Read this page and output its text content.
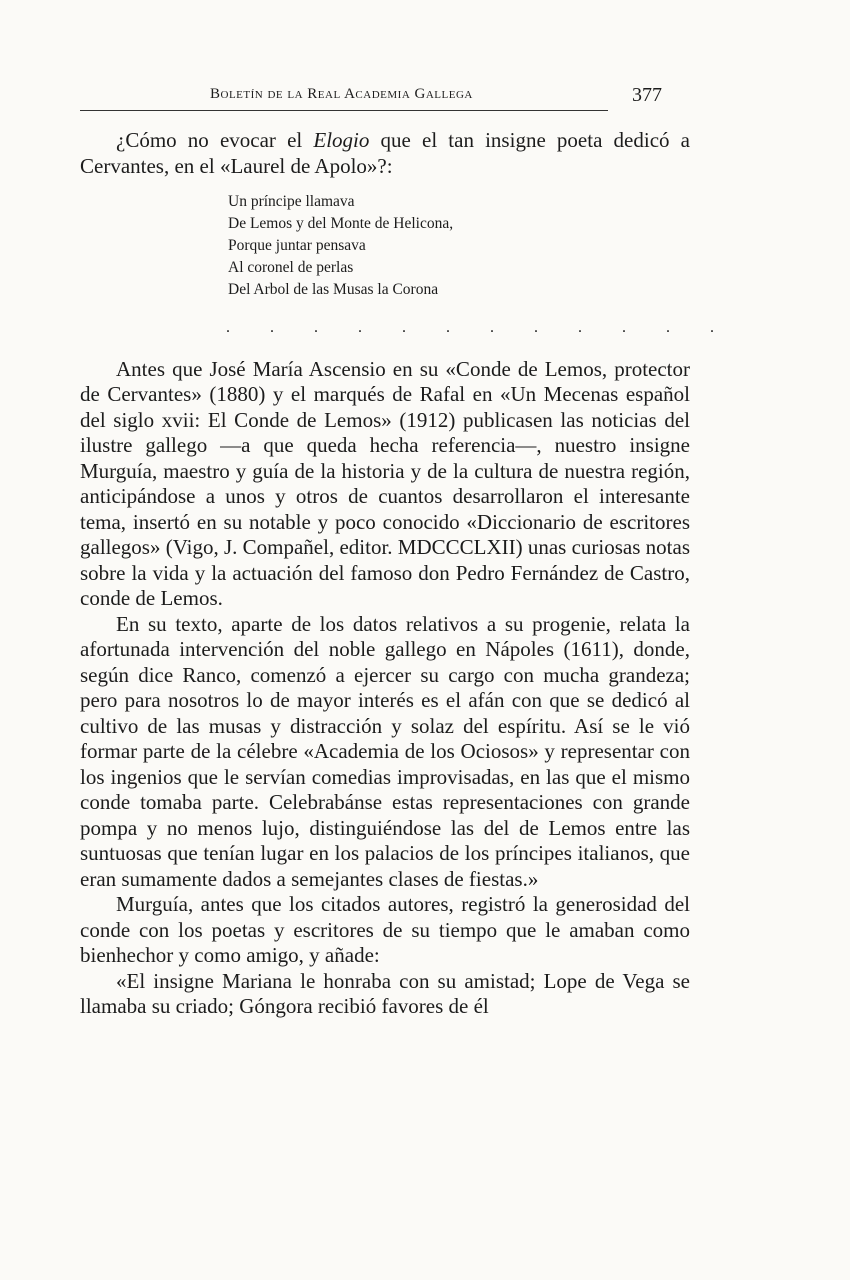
Boletín de la Real Academia Gallega	377

¿Cómo no evocar el Elogio que el tan insigne poeta dedicó a Cervantes, en el «Laurel de Apolo»?:

Un príncipe llamava
De Lemos y del Monte de Helicona,
Porque juntar pensava
Al coronel de perlas
Del Arbol de las Musas la Corona
. . . . . . . . . . . .

Antes que José María Ascensio en su «Conde de Lemos, protector de Cervantes» (1880) y el marqués de Rafal en «Un Mecenas español del siglo xvii: El Conde de Lemos» (1912) publicasen las noticias del ilustre gallego —a que queda hecha referencia—, nuestro insigne Murguía, maestro y guía de la historia y de la cultura de nuestra región, anticipándose a unos y otros de cuantos desarrollaron el interesante tema, insertó en su notable y poco conocido «Diccionario de escritores gallegos» (Vigo, J. Compañel, editor. MDCCCLXII) unas curiosas notas sobre la vida y la actuación del famoso don Pedro Fernández de Castro, conde de Lemos.

En su texto, aparte de los datos relativos a su progenie, relata la afortunada intervención del noble gallego en Nápoles (1611), donde, según dice Ranco, comenzó a ejercer su cargo con mucha grandeza; pero para nosotros lo de mayor interés es el afán con que se dedicó al cultivo de las musas y distracción y solaz del espíritu. Así se le vió formar parte de la célebre «Academia de los Ociosos» y representar con los ingenios que le servían comedias improvisadas, en las que el mismo conde tomaba parte. Celebrabánse estas representaciones con grande pompa y no menos lujo, distinguiéndose las del de Lemos entre las suntuosas que tenían lugar en los palacios de los príncipes italianos, que eran sumamente dados a semejantes clases de fiestas.»

Murguía, antes que los citados autores, registró la generosidad del conde con los poetas y escritores de su tiempo que le amaban como bienhechor y como amigo, y añade:

«El insigne Mariana le honraba con su amistad; Lope de Vega se llamaba su criado; Góngora recibió favores de él
